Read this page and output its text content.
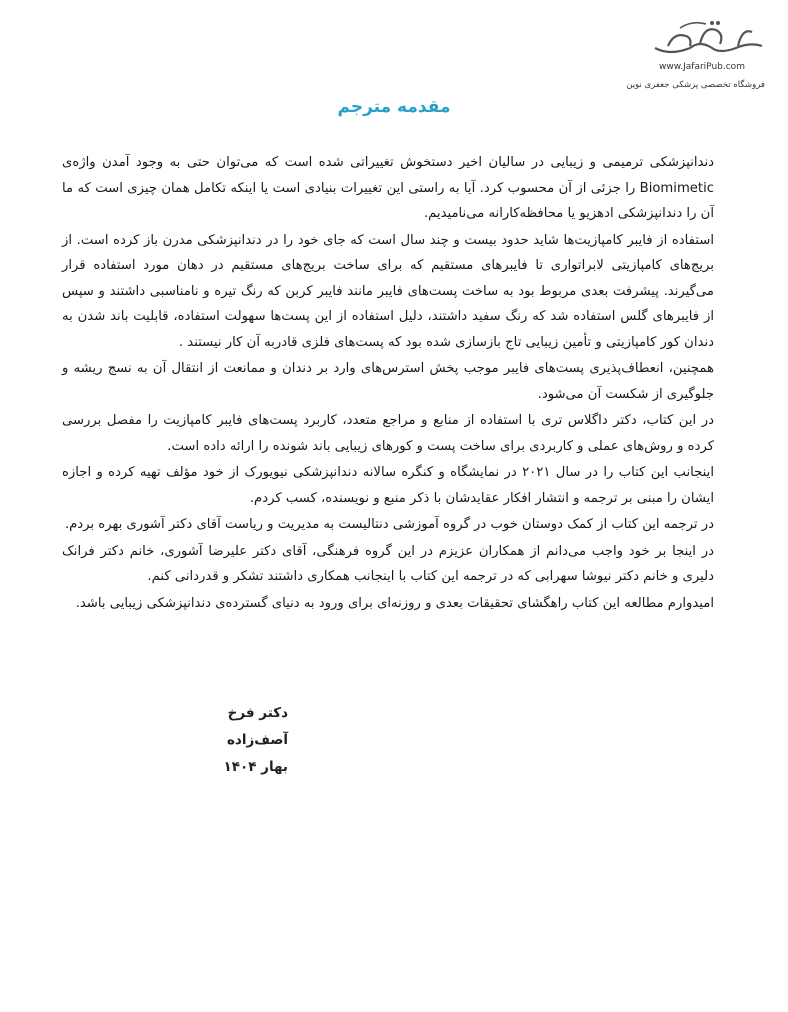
www.JafariPub.com
فروشگاه تخصصی پزشکی جعفری نوین
مقدمه مترجم

دندانپزشکی ترمیمی و زیبایی در سالیان اخیر دستخوش تغییراتی شده است که می‌توان حتی به وجود آمدن واژه‌ی Biomimetic را جزئی از آن محسوب کرد. آیا به راستی این تغییرات بنیادی است یا اینکه تکامل همان چیزی است که ما آن را دندانپزشکی ادهزیو یا محافظه‌کارانه می‌نامیدیم.

استفاده از فایبر کامپازیت‌ها شاید حدود بیست و چند سال است که جای خود را در دندانپزشکی مدرن باز کرده است. از بریج‌های کامپازیتی لابراتواری تا فایبرهای مستقیم که برای ساخت بریج‌های مستقیم در دهان مورد استفاده قرار می‌گیرند. پیشرفت بعدی مربوط بود به ساخت پست‌های فایبر مانند فایبر کربن که رنگ تیره و نامناسبی داشتند و سپس از فایبرهای گلس استفاده شد که رنگ سفید داشتند، دلیل استفاده از این پست‌ها سهولت استفاده، قابلیت باند شدن به دندان کور کامپازیتی و تأمین زیبایی تاج بازسازی شده بود که پست‌های فلزی قادربه آن کار نیستند .

همچنین، انعطاف‌پذیری پست‌های فایبر موجب پخش استرس‌های وارد بر دندان و ممانعت از انتقال آن به نسج ریشه و جلوگیری از شکست آن می‌شود.

در این کتاب، دکتر داگلاس تری با استفاده از منابع و مراجع متعدد، کاربرد پست‌های فایبر کامپازیت را مفصل بررسی کرده و روش‌های عملی و کاربردی برای ساخت پست و کورهای زیبایی باند شونده را ارائه داده است.

اینجانب این کتاب را در سال ۲۰۲۱ در نمایشگاه و کنگره سالانه دندانپزشکی نیویورک از خود مؤلف تهیه کرده و اجازه ایشان را مبنی بر ترجمه و انتشار افکار عقایدشان با ذکر منبع و نویسنده، کسب کردم.

در ترجمه این کتاب از کمک دوستان خوب در گروه آموزشی دنتالیست به مدیریت و ریاست آقای دکتر آشوری بهره بردم.

در اینجا بر خود واجب می‌دانم از همکاران عزیزم در این گروه فرهنگی، آقای دکتر علیرضا آشوری، خانم دکتر فرانک دلیری و خانم دکتر نیوشا سهرابی که در ترجمه این کتاب با اینجانب همکاری داشتند تشکر و قدردانی کنم.

امیدوارم مطالعه این کتاب راهگشای تحقیقات بعدی و روزنه‌ای برای ورود به دنیای گسترده‌ی دندانپزشکی زیبایی باشد.

دکتر فرخ آصف‌زاده
بهار ۱۴۰۴
